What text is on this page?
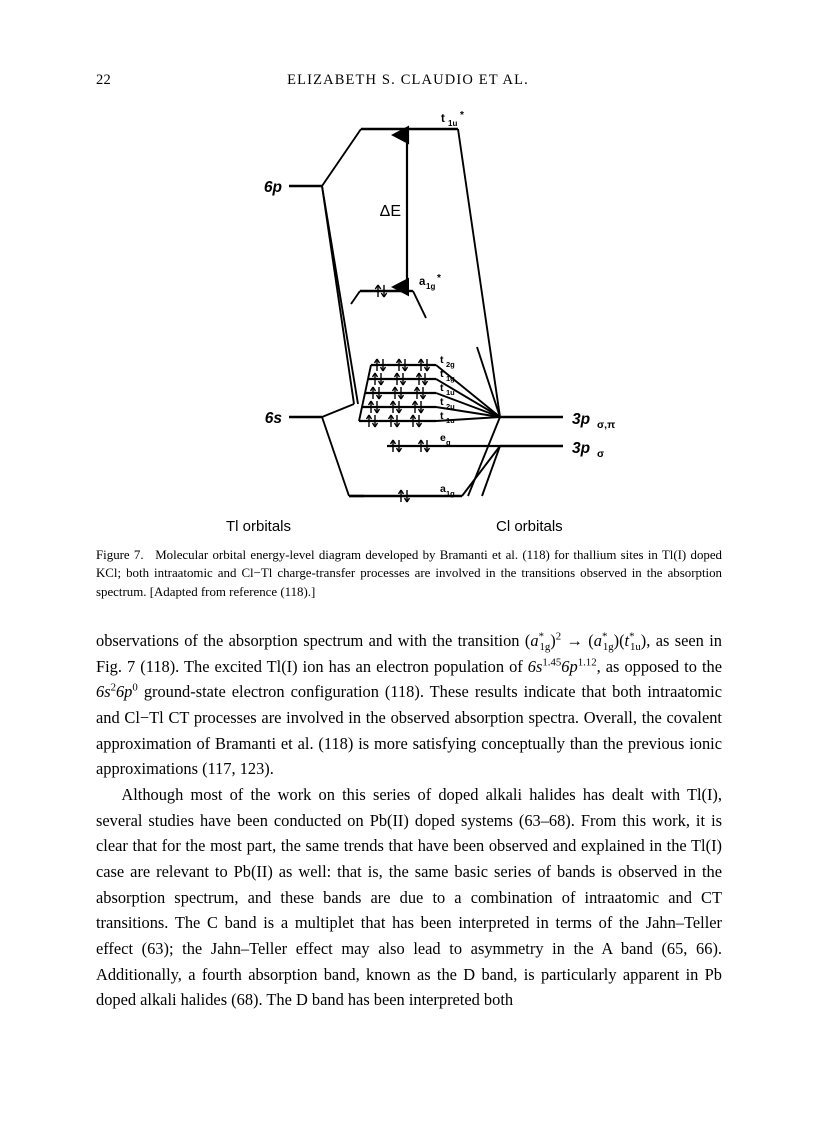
22	ELIZABETH S. CLAUDIO ET AL.
6p
6s	3p σ,π
3p σ
t 1u
*
a 1g
*
t 2g
t 1g
t 1u
t 2u
t 1u
e g
a 1g
ΔE
Tl orbitals	Cl orbitals
Figure 7. Molecular orbital energy-level diagram developed by Bramanti et al. (118) for thallium sites in Tl(I) doped KCl; both intraatomic and Cl−Tl charge-transfer processes are involved in the transitions observed in the absorption spectrum. [Adapted from reference (118).]

observations of the absorption spectrum and with the transition $(a^*_{1g})^2 \to (a^*_{1g})(t^*_{1u})$, as seen in Fig. 7 (118). The excited Tl(I) ion has an electron population of $6s^{1.45}6p^{1.12}$, as opposed to the $6s^26p^0$ ground-state electron configuration (118). These results indicate that both intraatomic and Cl−Tl CT processes are involved in the observed absorption spectra. Overall, the covalent approximation of Bramanti et al. (118) is more satisfying conceptually than the previous ionic approximations (117, 123).

Although most of the work on this series of doped alkali halides has dealt with Tl(I), several studies have been conducted on Pb(II) doped systems (63–68). From this work, it is clear that for the most part, the same trends that have been observed and explained in the Tl(I) case are relevant to Pb(II) as well: that is, the same basic series of bands is observed in the absorption spectrum, and these bands are due to a combination of intraatomic and CT transitions. The C band is a multiplet that has been interpreted in terms of the Jahn–Teller effect (63); the Jahn–Teller effect may also lead to asymmetry in the A band (65, 66). Additionally, a fourth absorption band, known as the D band, is particularly apparent in Pb doped alkali halides (68). The D band has been interpreted both
